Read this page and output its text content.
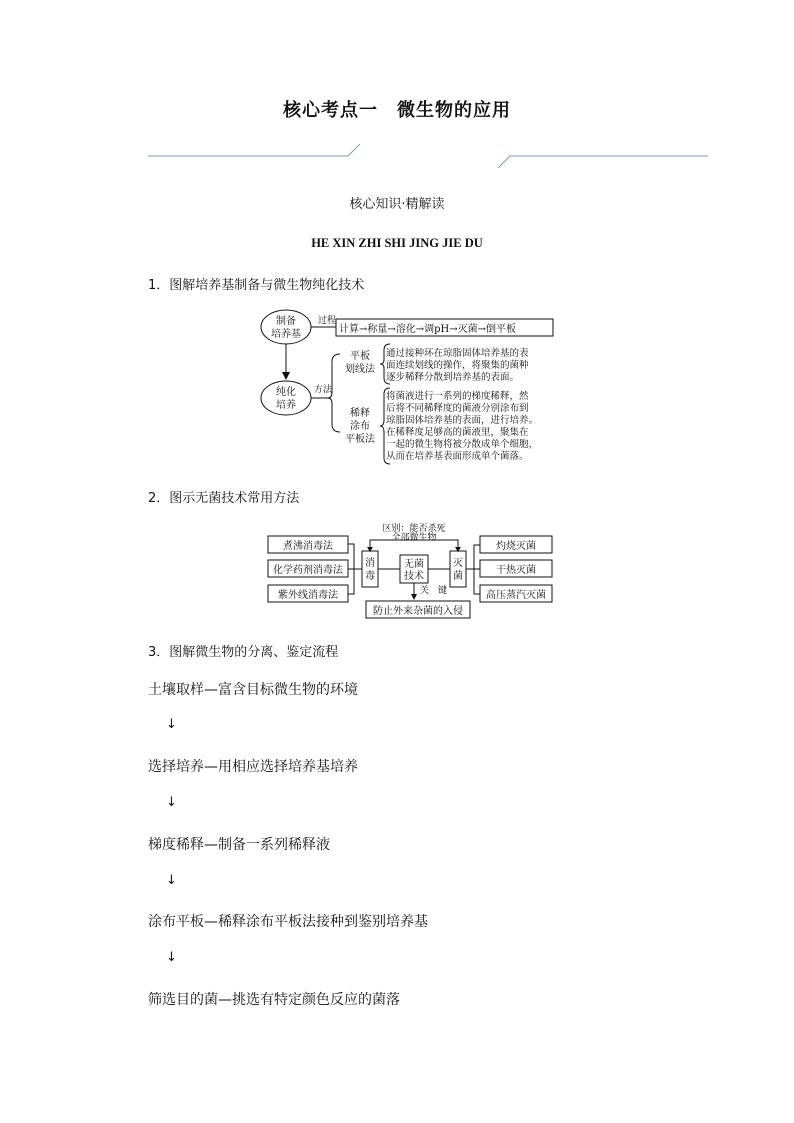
核心考点一　微生物的应用
核心知识·精解读
HE XIN ZHI SHI JING JIE DU
1．图解培养基制备与微生物纯化技术
制备
培养基
过程
计算→称量→溶化→调pH→灭菌→倒平板
纯化
培养
方法
平板
划线法
通过接种环在琼脂固体培养基的表
面连续划线的操作，将聚集的菌种
逐步稀释分散到培养基的表面。
稀释
涂布
平板法
将菌液进行一系列的梯度稀释，然
后将不同稀释度的菌液分别涂布到
琼脂固体培养基的表面，进行培养。
在稀释度足够高的菌液里，聚集在
一起的微生物将被分散成单个细胞，
从而在培养基表面形成单个菌落。
2．图示无菌技术常用方法
煮沸消毒法
化学药剂消毒法
紫外线消毒法
消
毒
区别：能否杀死
全部微生物
无菌
技术
灭
菌
灼烧灭菌
干热灭菌
高压蒸汽灭菌
关　键
防止外来杂菌的入侵
3．图解微生物的分离、鉴定流程
土壤取样—富含目标微生物的环境
↓
选择培养—用相应选择培养基培养
↓
梯度稀释—制备一系列稀释液
↓
涂布平板—稀释涂布平板法接种到鉴别培养基
↓
筛选目的菌—挑选有特定颜色反应的菌落
